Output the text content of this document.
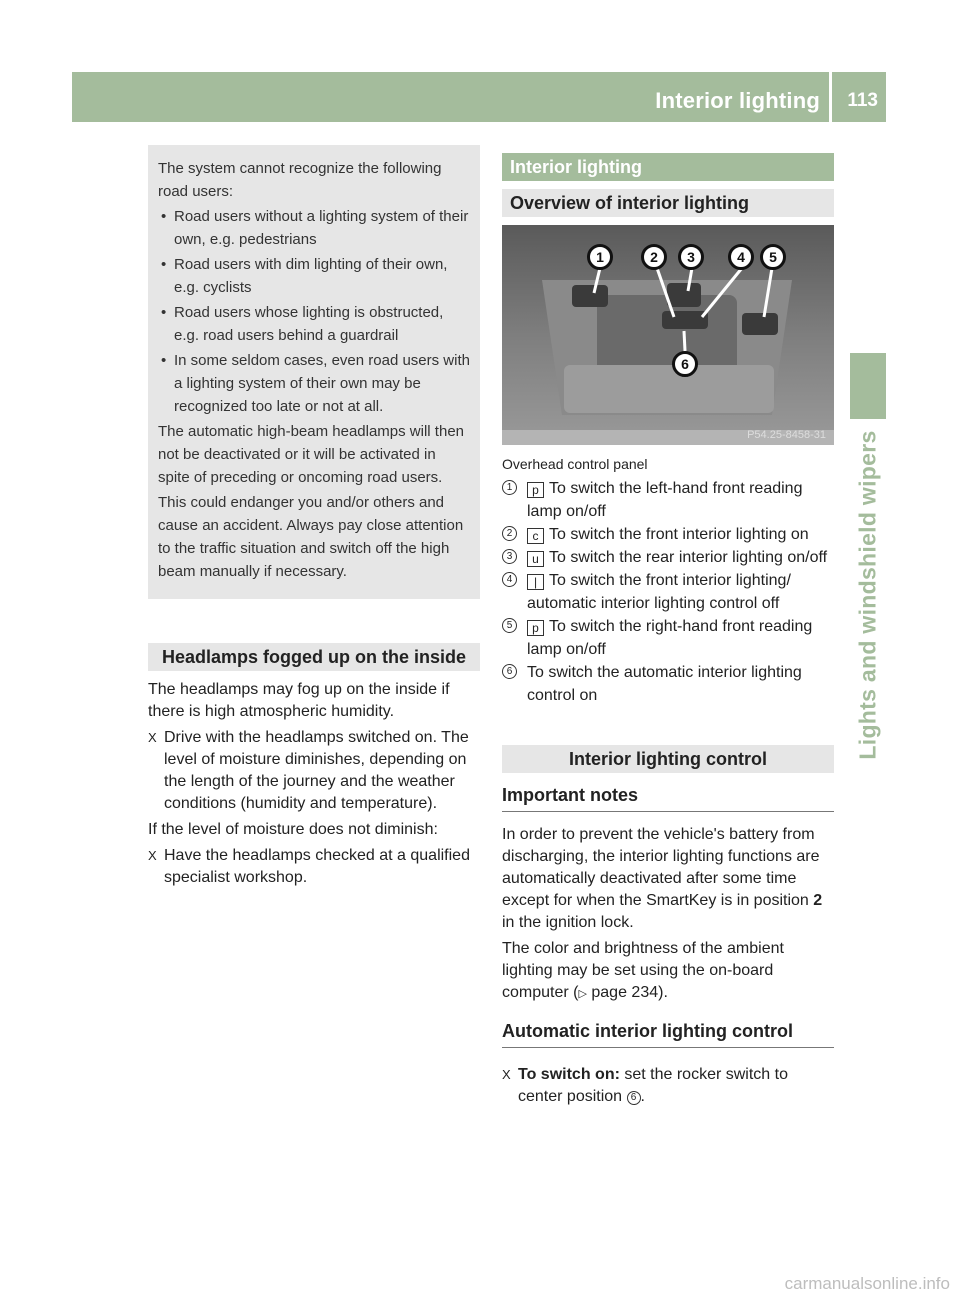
Interior lighting 113
Lights and windshield wipers

The system cannot recognize the following road users:

• Road users without a lighting system of their own, e.g. pedestrians
• Road users with dim lighting of their own, e.g. cyclists
• Road users whose lighting is obstructed, e.g. road users behind a guardrail
• In some seldom cases, even road users with a lighting system of their own may be recognized too late or not at all.

The automatic high-beam headlamps will then not be deactivated or it will be activated in spite of preceding or oncoming road users.

This could endanger you and/or others and cause an accident. Always pay close attention to the traffic situation and switch off the high beam manually if necessary.

Headlamps fogged up on the inside
The headlamps may fog up on the inside if there is high atmospheric humidity.
X Drive with the headlamps switched on. The level of moisture diminishes, depending on the length of the journey and the weather conditions (humidity and temperature).
If the level of moisture does not diminish:
X Have the headlamps checked at a qualified specialist workshop.
Interior lighting
Overview of interior lighting
1	2	3	4	5
6
P54.25-8458-31
Overhead control panel
1	p To switch the left-hand front reading lamp on/off
2	c To switch the front interior lighting on
3	u To switch the rear interior lighting on/off
4	| To switch the front interior lighting/ automatic interior lighting control off
5	p To switch the right-hand front reading lamp on/off
6 To switch the automatic interior lighting control on
Interior lighting control
Important notes
In order to prevent the vehicle's battery from discharging, the interior lighting functions are automatically deactivated after some time except for when the SmartKey is in position 2 in the ignition lock.
The color and brightness of the ambient lighting may be set using the on-board computer (▷ page 234).
Automatic interior lighting control
X To switch on: set the rocker switch to center position 6 .
carmanualsonline.info
